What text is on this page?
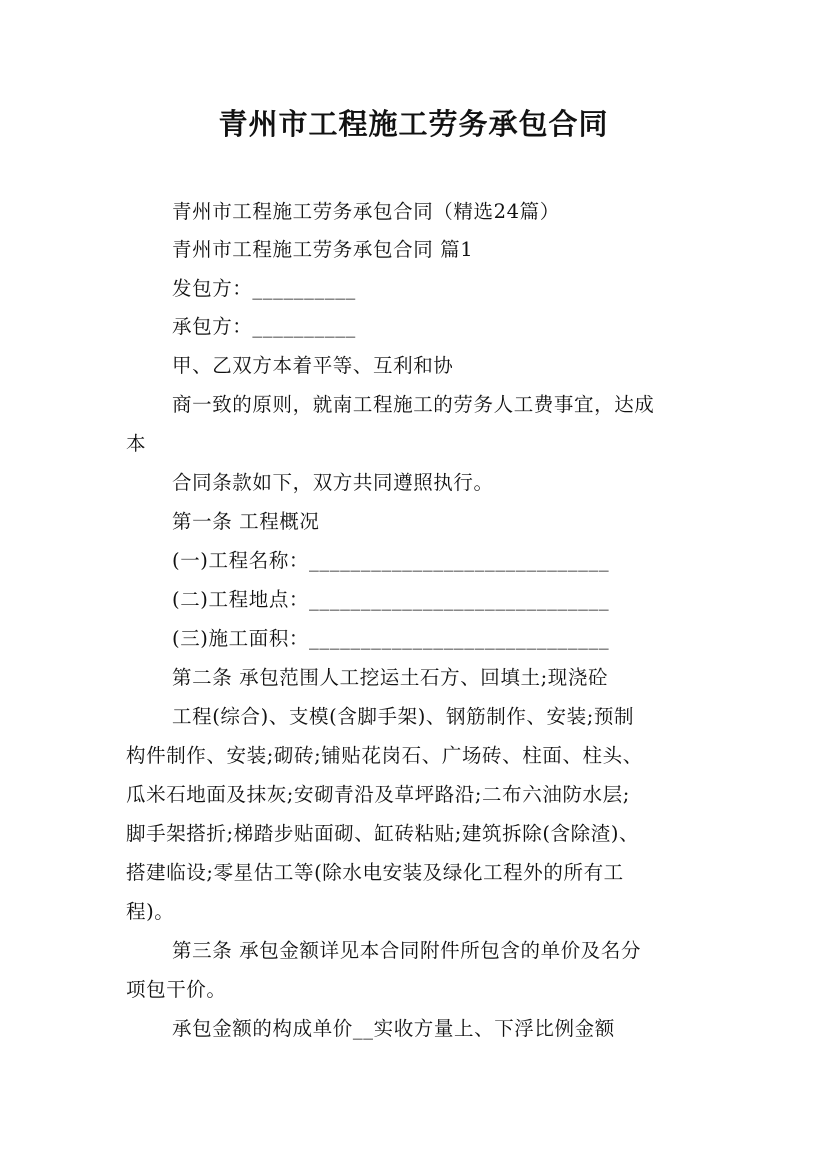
青州市工程施工劳务承包合同
青州市工程施工劳务承包合同（精选24篇）
青州市工程施工劳务承包合同 篇1
发包方：__________
承包方：__________
甲、乙双方本着平等、互利和协
商一致的原则，就南工程施工的劳务人工费事宜，达成
本
合同条款如下，双方共同遵照执行。
第一条 工程概况
(一)工程名称：_____________________________
(二)工程地点：_____________________________
(三)施工面积：_____________________________
第二条 承包范围人工挖运土石方、回填土;现浇砼
工程(综合)、支模(含脚手架)、钢筋制作、安装;预制
构件制作、安装;砌砖;铺贴花岗石、广场砖、柱面、柱头、
瓜米石地面及抹灰;安砌青沿及草坪路沿;二布六油防水层;
脚手架搭折;梯踏步贴面砌、缸砖粘贴;建筑拆除(含除渣)、
搭建临设;零星估工等(除水电安装及绿化工程外的所有工
程)。
第三条 承包金额详见本合同附件所包含的单价及名分
项包干价。
承包金额的构成单价__实收方量上、下浮比例金额
